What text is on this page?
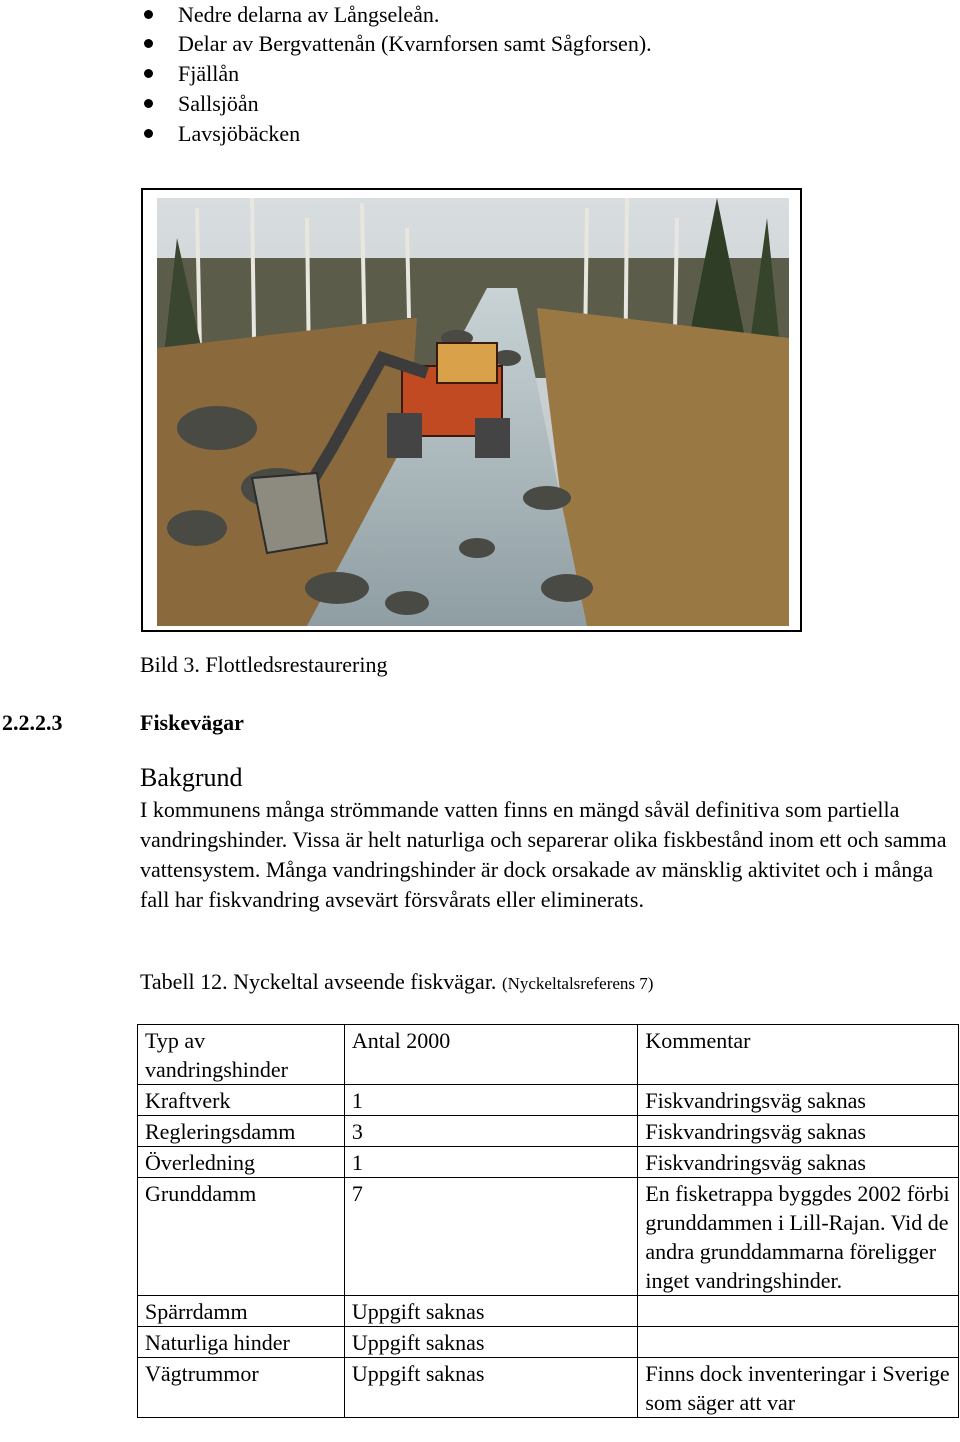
Nedre delarna av Långseleån.
Delar av Bergvattenån (Kvarnforsen samt Sågforsen).
Fjällån
Sallsjöån
Lavsjöbäcken
Bild 3. Flottledsrestaurering
2.2.2.3	Fiskevägar
Bakgrund
I kommunens många strömmande vatten finns en mängd såväl definitiva som partiella vandringshinder. Vissa är helt naturliga och separerar olika fiskbestånd inom ett och samma vattensystem. Många vandringshinder är dock orsakade av mänsklig aktivitet och i många fall har fiskvandring avsevärt försvårats eller eliminerats.
Tabell 12. Nyckeltal avseende fiskvägar. (Nyckeltalsreferens 7)
Typ av vandringshinder	Antal 2000	Kommentar
Kraftverk	1	Fiskvandringsväg saknas
Regleringsdamm	3	Fiskvandringsväg saknas
Överledning	1	Fiskvandringsväg saknas
Grunddamm	7	En fisketrappa byggdes 2002 förbi grunddammen i Lill-Rajan. Vid de andra grunddammarna föreligger inget vandringshinder.
Spärrdamm	Uppgift saknas	
Naturliga hinder	Uppgift saknas	
Vägtrummor	Uppgift saknas	Finns dock inventeringar i Sverige som säger att var
